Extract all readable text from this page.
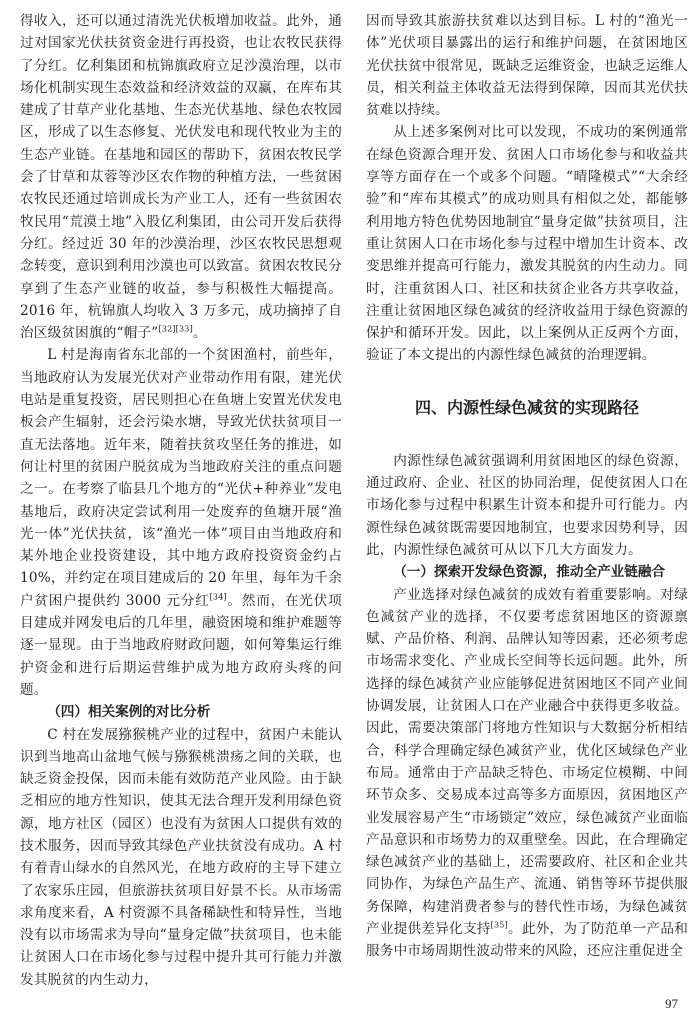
得收入，还可以通过清洗光伏板增加收益。此外，通过对国家光伏扶贫资金进行再投资，也让农牧民获得了分红。亿利集团和杭锦旗政府立足沙漠治理，以市场化机制实现生态效益和经济效益的双赢，在库布其建成了甘草产业化基地、生态光伏基地、绿色农牧园区，形成了以生态修复、光伏发电和现代牧业为主的生态产业链。在基地和园区的帮助下，贫困农牧民学会了甘草和苁蓉等沙区农作物的种植方法，一些贫困农牧民还通过培训成长为产业工人，还有一些贫困农牧民用“荒漠土地”入股亿利集团，由公司开发后获得分红。经过近 30 年的沙漠治理，沙区农牧民思想观念转变，意识到利用沙漠也可以致富。贫困农牧民分享到了生态产业链的收益，参与积极性大幅提高。2016 年，杭锦旗人均收入 3 万多元，成功摘掉了自治区级贫困旗的“帽子”[32][33]。

L 村是海南省东北部的一个贫困渔村，前些年，当地政府认为发展光伏对产业带动作用有限，建光伏电站是重复投资，居民则担心在鱼塘上安置光伏发电板会产生辐射，还会污染水塘，导致光伏扶贫项目一直无法落地。近年来，随着扶贫攻坚任务的推进，如何让村里的贫困户脱贫成为当地政府关注的重点问题之一。在考察了临县几个地方的“光伏+种养业”发电基地后，政府决定尝试利用一处废弃的鱼塘开展“渔光一体”光伏扶贫，该“渔光一体”项目由当地政府和某外地企业投资建设，其中地方政府投资资金约占 10%，并约定在项目建成后的 20 年里，每年为千余户贫困户提供约 3000 元分红[34]。然而，在光伏项目建成并网发电后的几年里，融资困境和维护难题等逐一显现。由于当地政府财政问题，如何筹集运行维护资金和进行后期运营维护成为地方政府头疼的问题。

（四）相关案例的对比分析

C 村在发展猕猴桃产业的过程中，贫困户未能认识到当地高山盆地气候与猕猴桃溃疡之间的关联，也缺乏资金投保，因而未能有效防范产业风险。由于缺乏相应的地方性知识，使其无法合理开发利用绿色资源，地方社区（园区）也没有为贫困人口提供有效的技术服务，因而导致其绿色产业扶贫没有成功。A 村有着青山绿水的自然风光，在地方政府的主导下建立了农家乐庄园，但旅游扶贫项目好景不长。从市场需求角度来看，A 村资源不具备稀缺性和特异性，当地没有以市场需求为导向“量身定做”扶贫项目，也未能让贫困人口在市场化参与过程中提升其可行能力并激发其脱贫的内生动力，

因而导致其旅游扶贫难以达到目标。L 村的“渔光一体”光伏项目暴露出的运行和维护问题，在贫困地区光伏扶贫中很常见，既缺乏运维资金，也缺乏运维人员，相关利益主体收益无法得到保障，因而其光伏扶贫难以持续。

从上述多案例对比可以发现，不成功的案例通常在绿色资源合理开发、贫困人口市场化参与和收益共享等方面存在一个或多个问题。“晴隆模式”“大余经验”和“库布其模式”的成功则具有相似之处，都能够利用地方特色优势因地制宜“量身定做”扶贫项目，注重让贫困人口在市场化参与过程中增加生计资本、改变思维并提高可行能力，激发其脱贫的内生动力。同时，注重贫困人口、社区和扶贫企业各方共享收益，注重让贫困地区绿色减贫的经济收益用于绿色资源的保护和循环开发。因此，以上案例从正反两个方面，验证了本文提出的内源性绿色减贫的治理逻辑。

四、内源性绿色减贫的实现路径

内源性绿色减贫强调利用贫困地区的绿色资源，通过政府、企业、社区的协同治理，促使贫困人口在市场化参与过程中积累生计资本和提升可行能力。内源性绿色减贫既需要因地制宜，也要求因势利导，因此，内源性绿色减贫可从以下几大方面发力。

（一）探索开发绿色资源，推动全产业链融合

产业选择对绿色减贫的成效有着重要影响。对绿色减贫产业的选择，不仅要考虑贫困地区的资源禀赋、产品价格、利润、品牌认知等因素，还必须考虑市场需求变化、产业成长空间等长远问题。此外，所选择的绿色减贫产业应能够促进贫困地区不同产业间协调发展，让贫困人口在产业融合中获得更多收益。因此，需要决策部门将地方性知识与大数据分析相结合，科学合理确定绿色减贫产业，优化区域绿色产业布局。通常由于产品缺乏特色、市场定位模糊、中间环节众多、交易成本过高等多方面原因，贫困地区产业发展容易产生“市场锁定”效应，绿色减贫产业面临产品意识和市场势力的双重壁垒。因此，在合理确定绿色减贫产业的基础上，还需要政府、社区和企业共同协作，为绿色产品生产、流通、销售等环节提供服务保障，构建消费者参与的替代性市场，为绿色减贫产业提供差异化支持[35]。此外，为了防范单一产品和服务中市场周期性波动带来的风险，还应注重促进全

97
